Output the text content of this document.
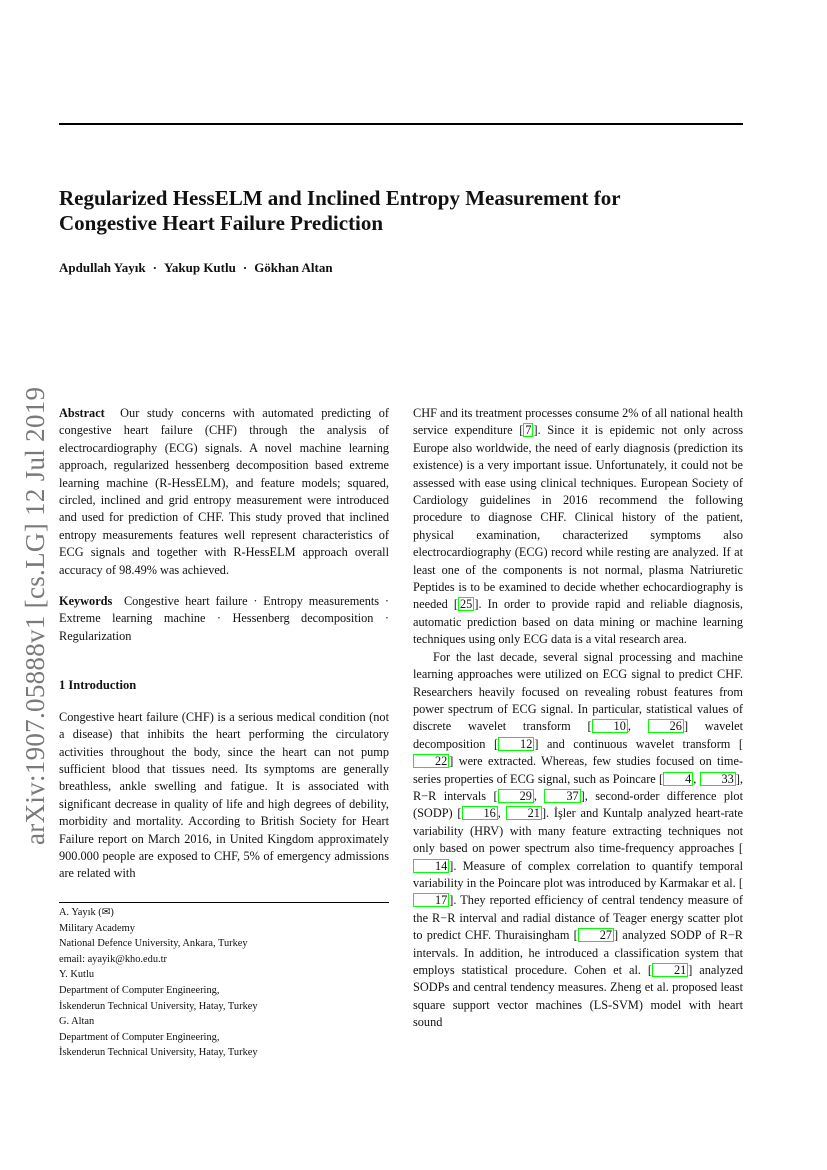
Regularized HessELM and Inclined Entropy Measurement for
Congestive Heart Failure Prediction
Apdullah Yayık · Yakup Kutlu · Gökhan Altan
arXiv:1907.05888v1 [cs.LG] 12 Jul 2019 Abstract Our study concerns with automated predicting of congestive heart failure (CHF) through the analysis of electrocardiography (ECG) signals. A novel machine learning approach, regularized hessenberg decomposition based extreme learning machine (R-HessELM), and feature models; squared, circled, inclined and grid entropy measurement were introduced and used for prediction of CHF. This study proved that inclined entropy measurements features well represent characteristics of ECG signals and together with R-HessELM approach overall accuracy of 98.49% was achieved.

Keywords Congestive heart failure · Entropy measurements · Extreme learning machine · Hessenberg decomposition · Regularization

1 Introduction

Congestive heart failure (CHF) is a serious medical condition (not a disease) that inhibits the heart performing the circulatory activities throughout the body, since the heart can not pump sufficient blood that tissues need. Its symptoms are generally breathless, ankle swelling and fatigue. It is associated with significant decrease in quality of life and high degrees of debility, morbidity and mortality. According to British Society for Heart Failure report on March 2016, in United Kingdom approximately 900.000 people are exposed to CHF, 5% of emergency admissions are related with

CHF and its treatment processes consume 2% of all national health service expenditure [ 7 ]. Since it is epidemic not only across Europe also worldwide, the need of early diagnosis (prediction its existence) is a very important issue. Unfortunately, it could not be assessed with ease using clinical techniques. European Society of Cardiology guidelines in 2016 recommend the following procedure to diagnose CHF. Clinical history of the patient, physical examination, characterized symptoms also electrocardiography (ECG) record while resting are analyzed. If at least one of the components is not normal, plasma Natriuretic Peptides is to be examined to decide whether echocardiography is needed [ 25 ]. In order to provide rapid and reliable diagnosis, automatic prediction based on data mining or machine learning techniques using only ECG data is a vital research area.

For the last decade, several signal processing and machine learning approaches were utilized on ECG signal to predict CHF. Researchers heavily focused on revealing robust features from power spectrum of ECG signal. In particular, statistical values of discrete wavelet transform [ 10 , 26 ] wavelet decomposition [ 12 ] and continuous wavelet transform [22 ] were extracted. Whereas, few studies focused on time-series properties of ECG signal, such as Poincare [ 4 , 33 ], R−R intervals [ 29 , 37 ], second-order difference plot (SODP) [ 16 , 21 ]. İşler and Kuntalp analyzed heart-rate variability (HRV) with many feature extracting techniques not only based on power spectrum also time-frequency approaches [14 ]. Measure of complex correlation to quantify temporal variability in the Poincare plot was introduced by Karmakar et al. [17 ]. They reported efficiency of central tendency measure of the R−R interval and radial distance of Teager energy scatter plot to predict CHF. Thuraisingham [ 27 ] analyzed SODP of R−R intervals. In addition, he introduced a classification system that employs statistical procedure. Cohen et al. [ 21 ] analyzed SODPs and central tendency measures. Zheng et al. proposed least square support vector machines (LS-SVM) model with heart sound

A. Yayık (✉)
Military Academy
National Defence University, Ankara, Turkey
email: ayayik@kho.edu.tr
Y. Kutlu
Department of Computer Engineering,
İskenderun Technical University, Hatay, Turkey
G. Altan
Department of Computer Engineering,
İskenderun Technical University, Hatay, Turkey
